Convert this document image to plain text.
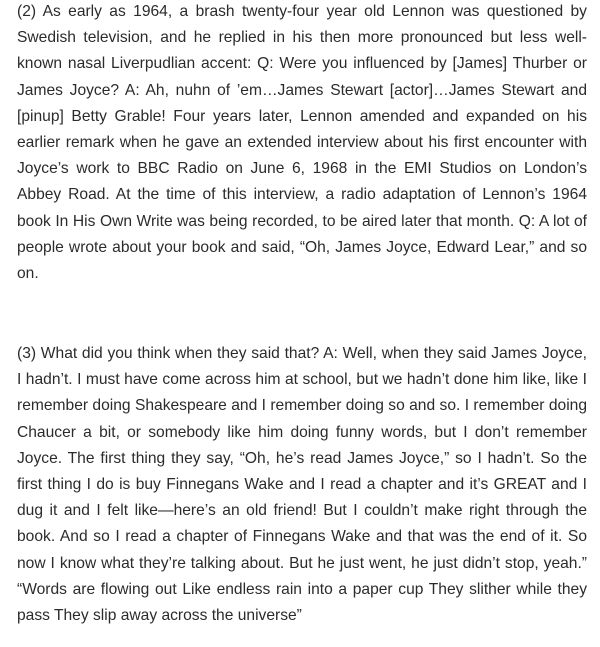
(2) As early as 1964, a brash twenty-four year old Lennon was questioned by Swedish television, and he replied in his then more pronounced but less well-known nasal Liverpudlian accent: Q: Were you influenced by [James] Thurber or James Joyce? A: Ah, nuhn of ’em…James Stewart [actor]…James Stewart and [pinup] Betty Grable! Four years later, Lennon amended and expanded on his earlier remark when he gave an extended interview about his first encounter with Joyce’s work to BBC Radio on June 6, 1968 in the EMI Studios on London’s Abbey Road. At the time of this interview, a radio adaptation of Lennon’s 1964 book In His Own Write was being recorded, to be aired later that month. Q: A lot of people wrote about your book and said, “Oh, James Joyce, Edward Lear,” and so on.

(3) What did you think when they said that? A: Well, when they said James Joyce, I hadn’t. I must have come across him at school, but we hadn’t done him like, like I remember doing Shakespeare and I remember doing so and so. I remember doing Chaucer a bit, or somebody like him doing funny words, but I don’t remember Joyce. The first thing they say, “Oh, he’s read James Joyce,” so I hadn’t. So the first thing I do is buy Finnegans Wake and I read a chapter and it’s GREAT and I dug it and I felt like—here’s an old friend! But I couldn’t make right through the book. And so I read a chapter of Finnegans Wake and that was the end of it. So now I know what they’re talking about. But he just went, he just didn’t stop, yeah.” “Words are flowing out Like endless rain into a paper cup They slither while they pass They slip away across the universe”
